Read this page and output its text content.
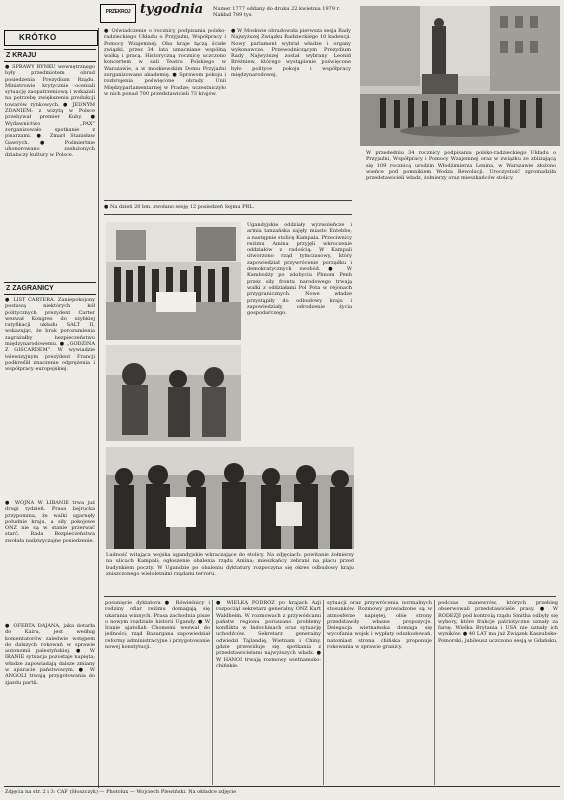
PRZEKRÓJ tygodnia Numer 1777 oddany do druku 22 kwietnia 1979 r. Nakład 789 tys.
KRÓTKO
Z KRAJU
● SPRAWY RYNKU wewnętrznego były przedmiotem obrad posiedzenia Prezydium Rządu. Ministrowie krytycznie oceniali sytuację zaopatrzeniową i wskazali na potrzebę zwiększenia produkcji towarów rynkowych. ● JEDNYM ZDANIEM: z wizytą w Polsce przebywał premier Kuby. ● Wydawnictwo „PAX” zorganizowało spotkanie z pisarzami. ● Zmarł Stanisław Gawrych. ● Pośmiertnie uhonorowano zasłużonych działaczy kultury w Polsce.
Z ZAGRANICY
● LIST CARTERA. Zaniepokojony postawą niektórych kół politycznych prezydent Carter wezwał Kongres do szybkiej ratyfikacji układu SALT II, wskazując, że brak porozumienia zagrażałby bezpieczeństwu międzynarodowemu. ● „GODZINA Z GISCARDEM”. W wywiadzie telewizyjnym prezydent Francji podkreślił znaczenie odprężenia i współpracy europejskiej.
● WOJNA W LIBANIE trwa już drugi tydzień. Prasa bejrucka przypomina, że walki ogarnęły południe kraju, a siły pokojowe ONZ nie są w stanie przerwać starć. Rada Bezpieczeństwa zwołała nadzwyczajne posiedzenie.
● OFERTA DAJANA, jaka dotarła do Kairu, jest według komentatorów zaledwie wstępem do dalszych rokowań w sprawie autonomii palestyńskiej. ● W IRANIE sytuacja pozostaje napięta; władze zapowiadają dalsze zmiany w aparacie państwowym. ● W ANGOLI trwają przygotowania do zjazdu partii.
● Oświadczenie o rocznicy podpisania polsko-radzieckiego Układu o Przyjaźni, Współpracy i Pomocy Wzajemnej. Oba kraje łączą ścisłe związki, przez 34 lata umacniane wspólną walką i pracą. Historyczną rocznicę uczczono koncertem w sali Teatru Polskiego w Warszawie, a w moskiewskim Domu Przyjaźni zorganizowano akademię. ● Sprawom pokoju i rozbrojenia poświęcone obrady Unii Międzyparlamentarnej w Pradze; uczestniczyło w nich ponad 700 przedstawicieli 73 krajów.
● W Moskwie obradowała pierwsza sesja Rady Najwyższej Związku Radzieckiego 10 kadencji. Nowy parlament wybrał władze i organy wykonawcze. Przewodniczącym Prezydium Rady Najwyższej został wybrany Leonid Breżniew, którego wystąpienie poświęcone było polityce pokoju i współpracy międzynarodowej.
● Na dzień 20 bm. zwołano sesję 12 posiedzeń Sejmu PRL.
W przededniu 34 rocznicy podpisania polsko-radzieckiego Układu o Przyjaźni, Współpracy i Pomocy Wzajemnej oraz w związku ze zbliżającą się 109 rocznicą urodzin Włodzimierza Lenina, w Warszawie złożono wieńce pod pomnikiem Wodza Rewolucji. Uroczystość zgromadziła przedstawicieli władz, żołnierzy oraz mieszkańców stolicy.
Ugandyjskie oddziały wyzwoleńcze i armia tanzańska zajęły miasto Entebbe, a następnie stolicę Kampala. Przeciwnicy reżimu Amina przyjęli wkroczenie oddziałów z radością. W Kampali utworzono rząd tymczasowy, który zapowiedział przywrócenie porządku i demokratycznych swobód. ● W Kambodży po zdobyciu Phnom Penh przez siły frontu narodowego trwają walki z oddziałami Pol Pota w rejonach przygranicznych. Nowe władze przystąpiły do odbudowy kraju i zapowiedziały odrodzenie życia gospodarczego.
Ludność witająca wojska ugandyjskie wkraczające do stolicy. Na zdjęciach: powitanie żołnierzy na ulicach Kampali; ogłoszenie obalenia rządu Amina; mieszkańcy zebrani na placu przed budynkiem poczty. W Ugandzie po obaleniu dyktatury rozpoczyna się okres odbudowy kraju zniszczonego wieloletnimi rządami terroru.
posunięcie dyktatora ● Rówieśnicy i rodziny ofiar reżimu domagają się ukarania winnych. Prasa zachodnia pisze o nowym rozdziale historii Ugandy. ● W Iranie ajatollah Chomeini wezwał do jedności; rząd Bazargana zapowiedział reformy administracyjne i przygotowanie nowej konstytucji.
● WIELKĄ PODRÓŻ po krajach Azji rozpoczął sekretarz generalny ONZ Kurt Waldheim. W rozmowach z przywódcami państw regionu poruszano problemy konfliktu w Indochinach oraz sytuację uchodźców. Sekretarz generalny odwiedzi Tajlandię, Wietnam i Chiny, gdzie przewiduje się spotkania z przedstawicielami najwyższych władz. ● W HANOI trwają rozmowy wietnamsko-chińskie.
sytuacji oraz przywrócenia normalnych stosunków. Rozmowy prowadzone są w atmosferze napiętej, obie strony przedstawiły własne propozycje. Delegacja wietnamska domaga się wycofania wojsk i wypłaty odszkodowań, natomiast strona chińska proponuje rokowania w sprawie granicy.
podczas manewrów, których przebieg obserwowali przedstawiciele prasy. ● W RODEZJI pod kontrolą rządu Smitha odbyły się wybory, które frakcje patriotyczne uznały za farsę. Wielka Brytania i USA nie uznały ich wyników. ● 40 LAT ma już Związek Kaszubsko-Pomorski; jubileusz uczczono sesją w Gdańsku.
Zdjęcia na str. 2 i 3: CAF (Słoszczyk) — Photolux — Wojciech Plewiński. Na okładce zdjęcie
